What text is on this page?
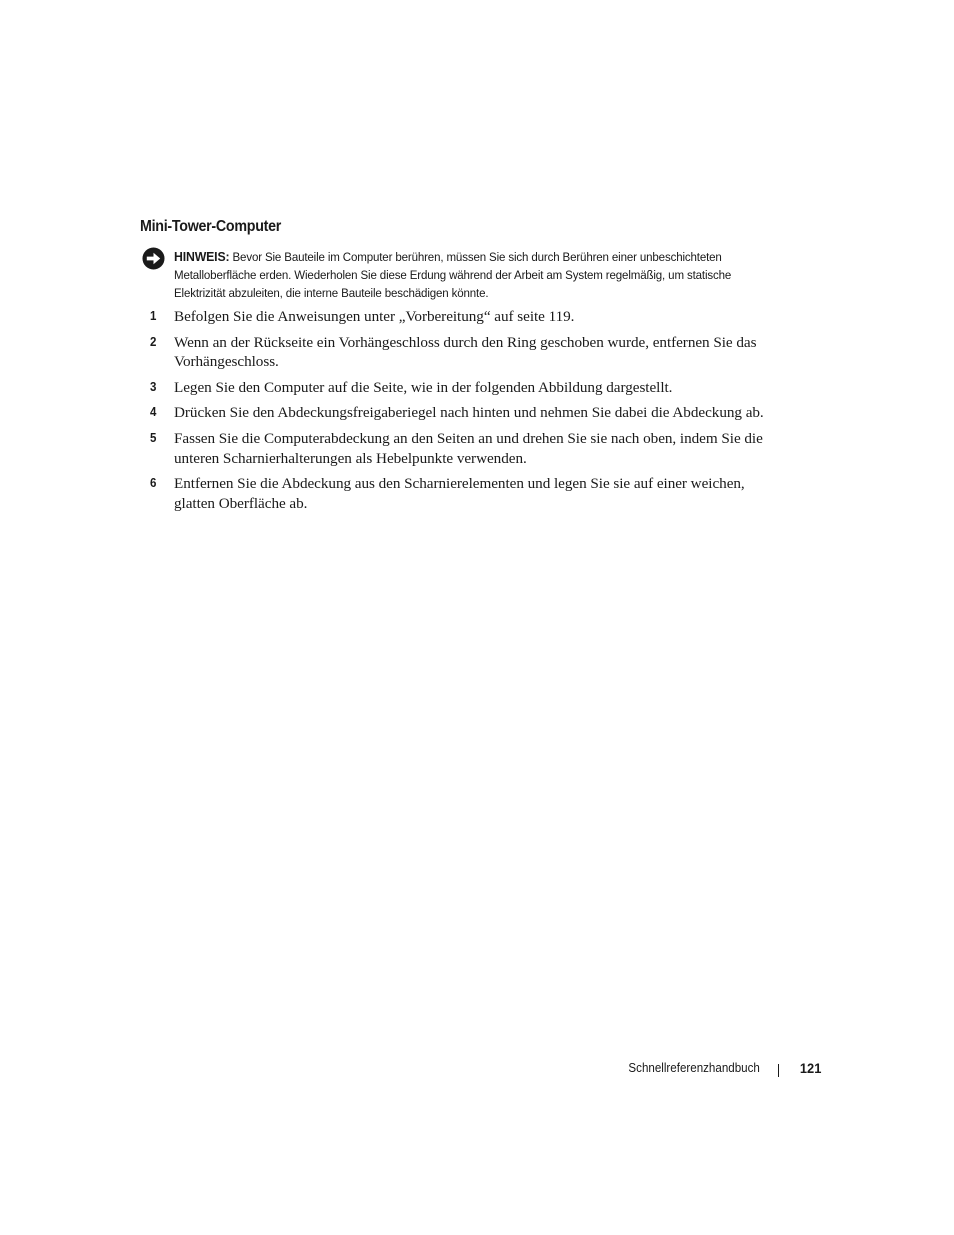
Mini-Tower-Computer
HINWEIS: Bevor Sie Bauteile im Computer berühren, müssen Sie sich durch Berühren einer unbeschichteten Metalloberfläche erden. Wiederholen Sie diese Erdung während der Arbeit am System regelmäßig, um statische Elektrizität abzuleiten, die interne Bauteile beschädigen könnte.
1 Befolgen Sie die Anweisungen unter „Vorbereitung“ auf seite 119.
2 Wenn an der Rückseite ein Vorhängeschloss durch den Ring geschoben wurde, entfernen Sie das Vorhängeschloss.
3 Legen Sie den Computer auf die Seite, wie in der folgenden Abbildung dargestellt.
4 Drücken Sie den Abdeckungsfreigaberiegel nach hinten und nehmen Sie dabei die Abdeckung ab.
5 Fassen Sie die Computerabdeckung an den Seiten an und drehen Sie sie nach oben, indem Sie die unteren Scharnierhalterungen als Hebelpunkte verwenden.
6 Entfernen Sie die Abdeckung aus den Scharnierelementen und legen Sie sie auf einer weichen, glatten Oberfläche ab.
Schnellreferenzhandbuch	121
